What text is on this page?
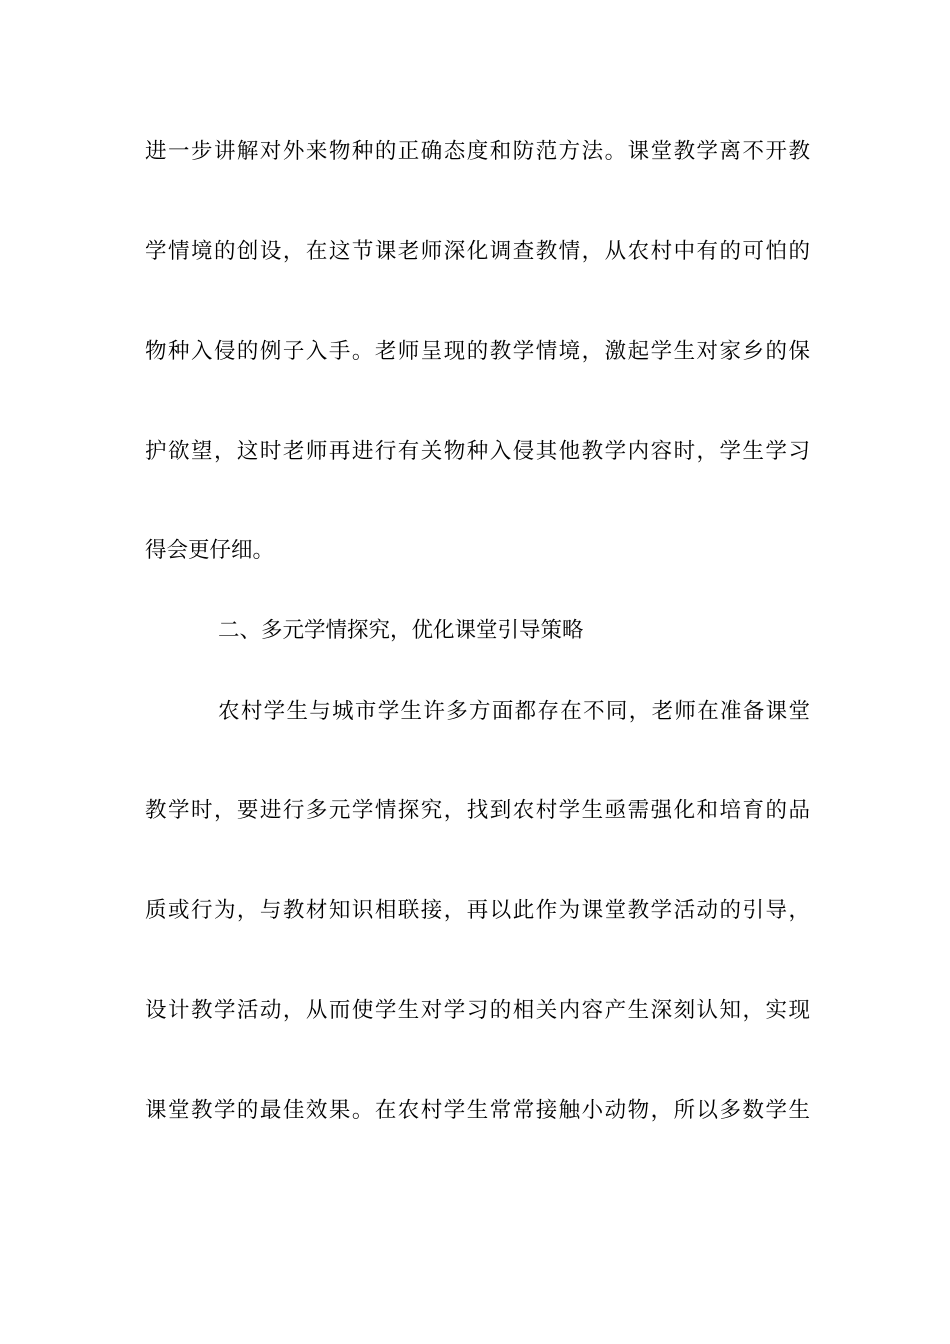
进一步讲解对外来物种的正确态度和防范方法。课堂教学离不开教
学情境的创设，在这节课老师深化调查教情，从农村中有的可怕的
物种入侵的例子入手。老师呈现的教学情境，激起学生对家乡的保
护欲望，这时老师再进行有关物种入侵其他教学内容时，学生学习
得会更仔细。
二、多元学情探究，优化课堂引导策略
农村学生与城市学生许多方面都存在不同，老师在准备课堂
教学时，要进行多元学情探究，找到农村学生亟需强化和培育的品
质或行为，与教材知识相联接，再以此作为课堂教学活动的引导，
设计教学活动，从而使学生对学习的相关内容产生深刻认知，实现
课堂教学的最佳效果。在农村学生常常接触小动物，所以多数学生
